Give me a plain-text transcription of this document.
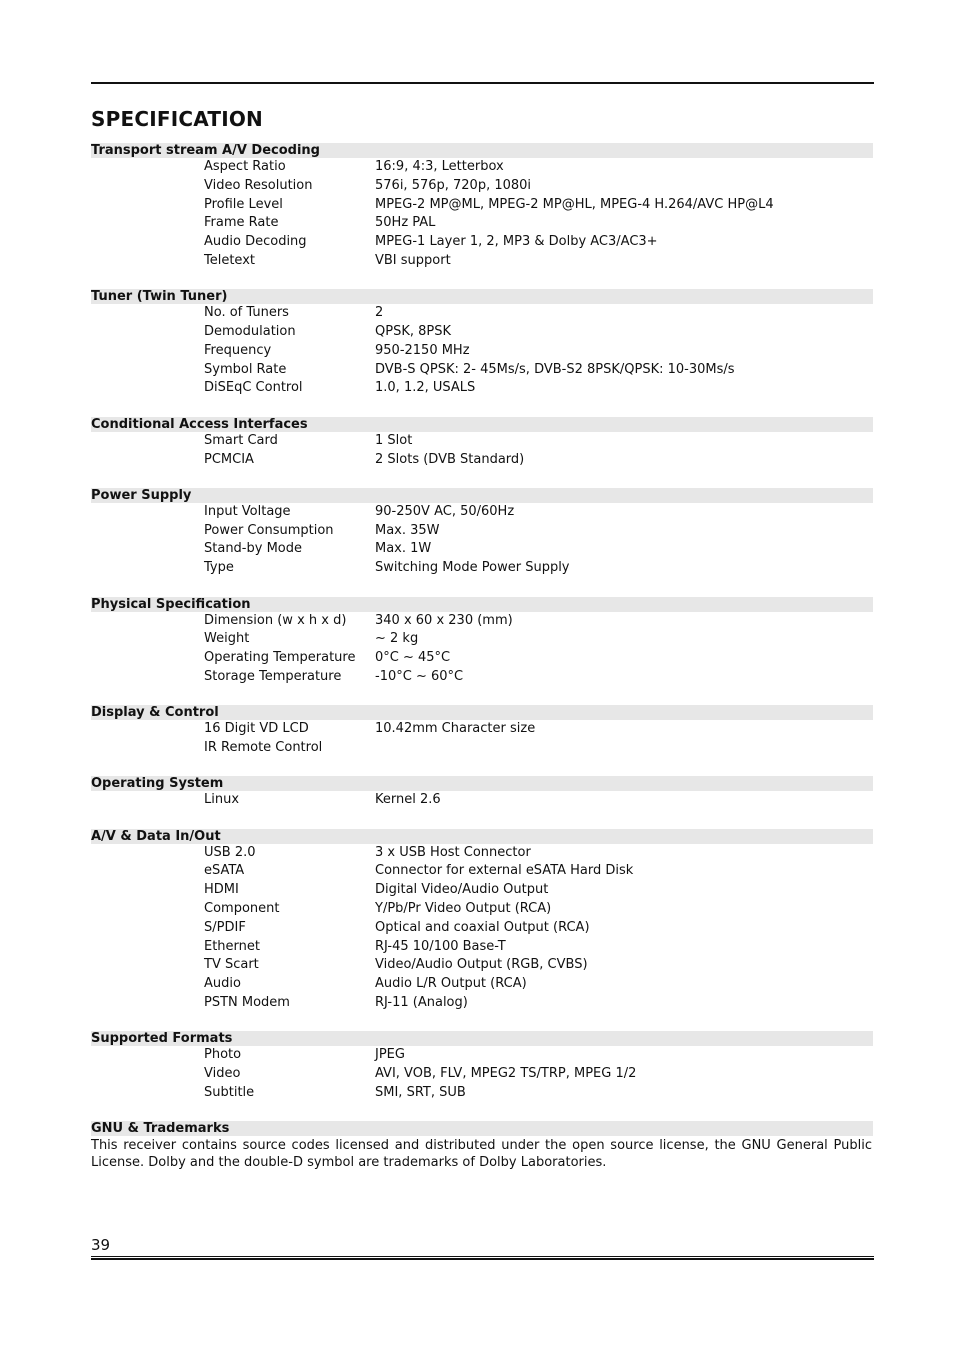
SPECIFICATION
Transport stream A/V Decoding
Aspect Ratio	16:9, 4:3, Letterbox
Video Resolution	576i, 576p, 720p, 1080i
Profile Level	MPEG-2 MP@ML, MPEG-2 MP@HL, MPEG-4 H.264/AVC HP@L4
Frame Rate	50Hz PAL
Audio Decoding	MPEG-1 Layer 1, 2, MP3 & Dolby AC3/AC3+
Teletext	VBI support
Tuner (Twin Tuner)
No. of Tuners	2
Demodulation	QPSK, 8PSK
Frequency	950-2150 MHz
Symbol Rate	DVB-S QPSK: 2- 45Ms/s, DVB-S2 8PSK/QPSK: 10-30Ms/s
DiSEqC Control	1.0, 1.2, USALS
Conditional Access Interfaces
Smart Card	1 Slot
PCMCIA	2 Slots (DVB Standard)
Power Supply
Input Voltage	90-250V AC, 50/60Hz
Power Consumption	Max. 35W
Stand-by Mode	Max. 1W
Type	Switching Mode Power Supply
Physical Specification
Dimension (w x h x d) 340 x 60 x 230 (mm)
Weight	~ 2 kg
Operating Temperature 0°C ~ 45°C
Storage Temperature	-10°C ~ 60°C
Display & Control
16 Digit VD LCD	10.42mm Character size
IR Remote Control
Operating System
Linux	Kernel 2.6
A/V & Data In/Out
USB 2.0	3 x USB Host Connector
eSATA	Connector for external eSATA Hard Disk
HDMI	Digital Video/Audio Output
Component	Y/Pb/Pr Video Output (RCA)
S/PDIF	Optical and coaxial Output (RCA)
Ethernet	RJ-45 10/100 Base-T
TV Scart	Video/Audio Output (RGB, CVBS)
Audio	Audio L/R Output (RCA)
PSTN Modem	RJ-11 (Analog)
Supported Formats
Photo	JPEG
Video	AVI, VOB, FLV, MPEG2 TS/TRP, MPEG 1/2
Subtitle	SMI, SRT, SUB
GNU & Trademarks
This receiver contains source codes licensed and distributed under the open source license, the GNU General Public License. Dolby and the double-D symbol are trademarks of Dolby Laboratories.
39
